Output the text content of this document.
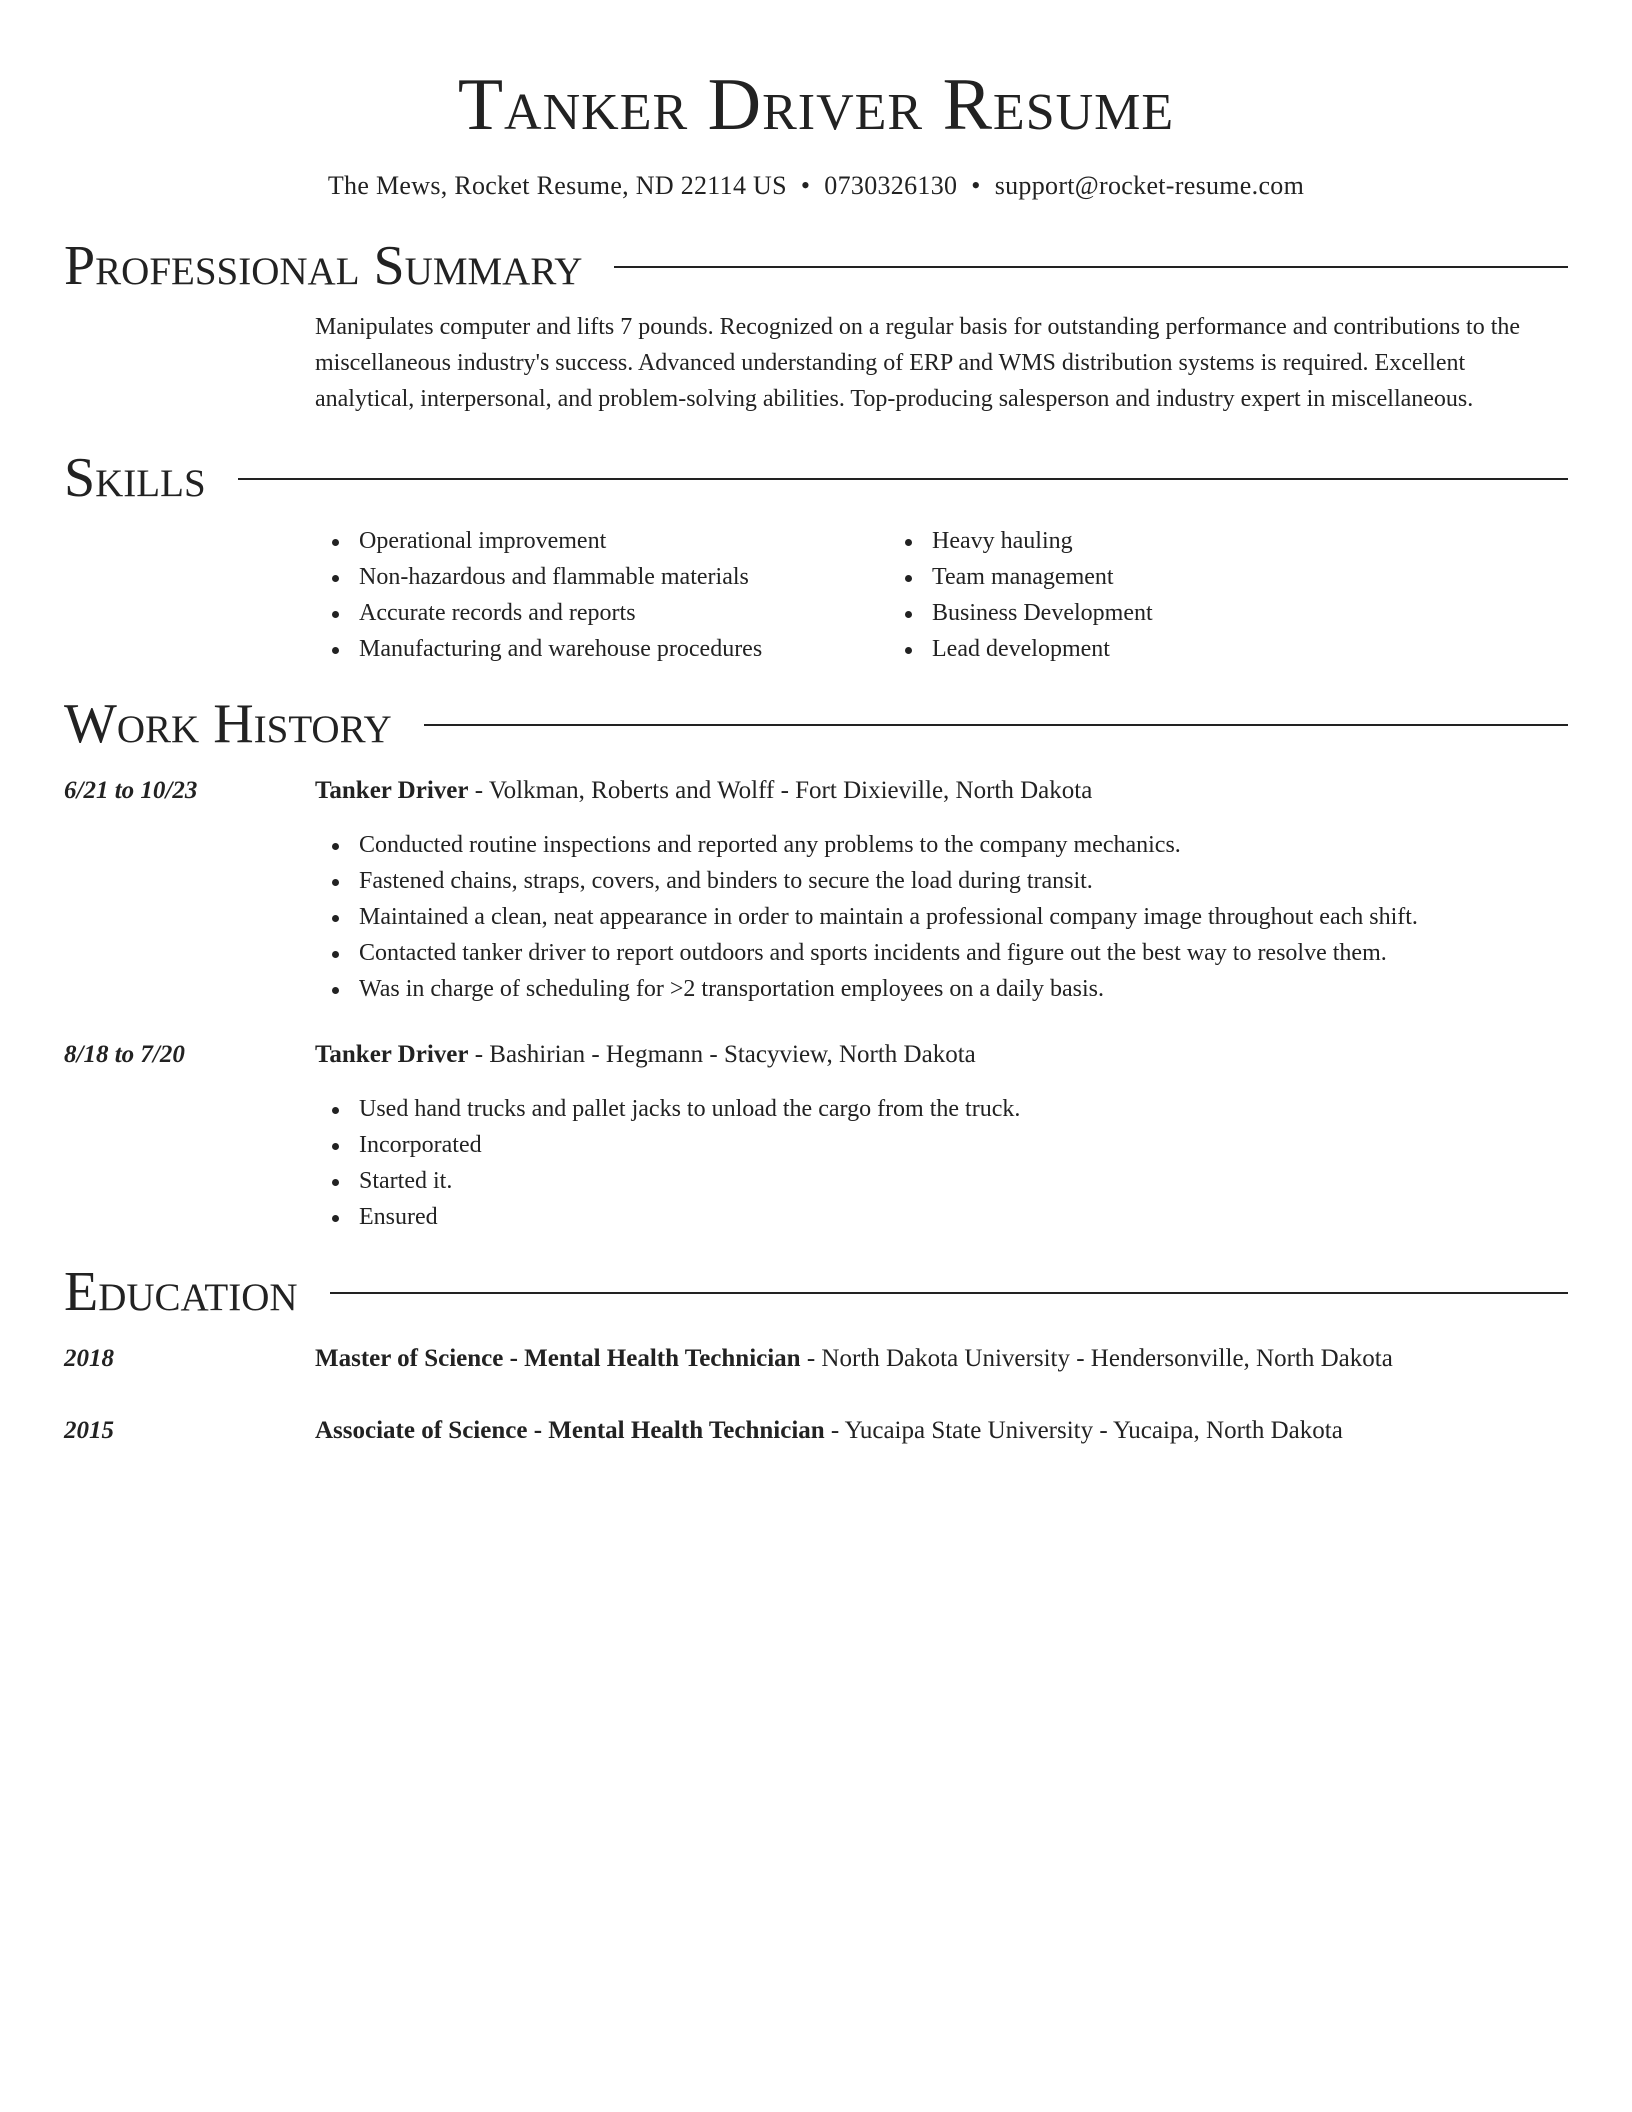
Tanker Driver Resume
The Mews, Rocket Resume, ND 22114 US • 0730326130 • support@rocket-resume.com
Professional Summary

Manipulates computer and lifts 7 pounds. Recognized on a regular basis for outstanding performance and contributions to the miscellaneous industry's success. Advanced understanding of ERP and WMS distribution systems is required. Excellent analytical, interpersonal, and problem-solving abilities. Top-producing salesperson and industry expert in miscellaneous.

Skills
Operational improvement
Non-hazardous and flammable materials
Accurate records and reports
Manufacturing and warehouse procedures
Heavy hauling
Team management
Business Development
Lead development
Work History
6/21 to 10/23	Tanker Driver - Volkman, Roberts and Wolff - Fort Dixieville, North Dakota
Conducted routine inspections and reported any problems to the company mechanics.
Fastened chains, straps, covers, and binders to secure the load during transit.
Maintained a clean, neat appearance in order to maintain a professional company image throughout each shift.
Contacted tanker driver to report outdoors and sports incidents and figure out the best way to resolve them.
Was in charge of scheduling for >2 transportation employees on a daily basis.
8/18 to 7/20	Tanker Driver - Bashirian - Hegmann - Stacyview, North Dakota
Used hand trucks and pallet jacks to unload the cargo from the truck.
Incorporated
Started it.
Ensured
Education
2018	Master of Science - Mental Health Technician - North Dakota University - Hendersonville, North Dakota
2015	Associate of Science - Mental Health Technician - Yucaipa State University - Yucaipa, North Dakota
